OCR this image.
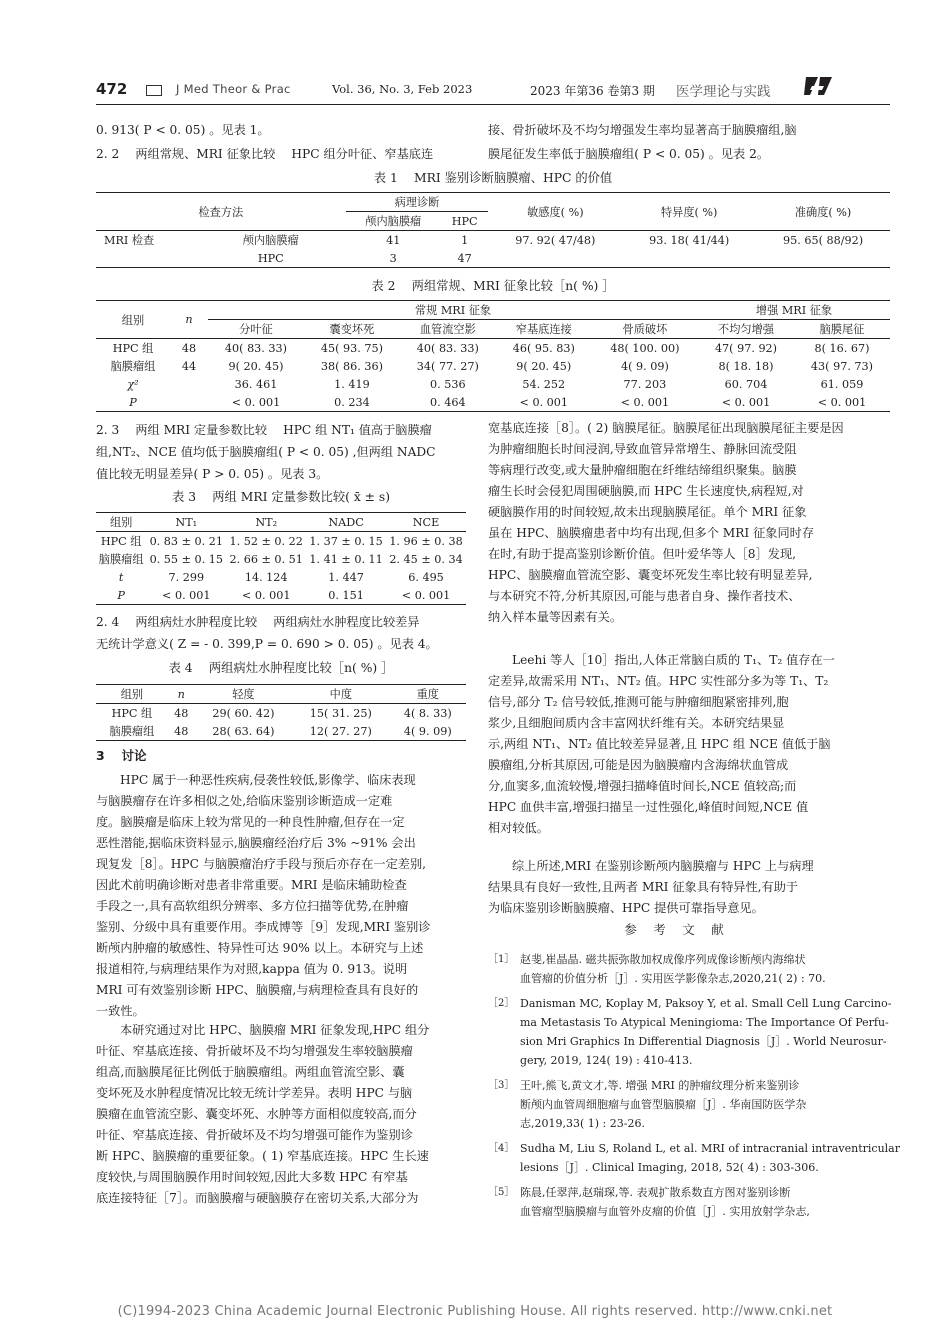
472	J Med Theor & Prac	Vol. 36, No. 3, Feb 2023	2023 年第36 卷第3 期 医学理论与实践
0. 913( P < 0. 05) 。见表 1。
2. 2　 两组常规、MRI 征象比较　 HPC 组分叶征、窄基底连
接、骨折破坏及不均匀增强发生率均显著高于脑膜瘤组,脑
膜尾征发生率低于脑膜瘤组( P < 0. 05) 。见表 2。
表 1　 MRI 鉴别诊断脑膜瘤、HPC 的价值
检查方法		病理诊断		敏感度( %)	特异度( %)	准确度( %)
		颅内脑膜瘤	HPC			
MRI 检查	颅内脑膜瘤	41	1	97. 92( 47/48)	93. 18( 41/44)	95. 65( 88/92)
	HPC	3	47			
表 2　 两组常规、MRI 征象比较［n( %) ］
组别	n	常规 MRI 征象					增强 MRI 征象	
		分叶征	囊变坏死	血管流空影	窄基底连接	骨质破坏	不均匀增强	脑膜尾征
HPC 组	48	40( 83. 33)	45( 93. 75)	40( 83. 33)	46( 95. 83)	48( 100. 00)	47( 97. 92)	8( 16. 67)
脑膜瘤组	44	9( 20. 45)	38( 86. 36)	34( 77. 27)	9( 20. 45)	4( 9. 09)	8( 18. 18)	43( 97. 73)
χ²		36. 461	1. 419	0. 536	54. 252	77. 203	60. 704	61. 059
P		< 0. 001	0. 234	0. 464	< 0. 001	< 0. 001	< 0. 001	< 0. 001
2. 3　 两组 MRI 定量参数比较　 HPC 组 NT₁ 值高于脑膜瘤
组,NT₂、NCE 值均低于脑膜瘤组( P < 0. 05) ,但两组 NADC
值比较无明显差异( P > 0. 05) 。见表 3。
表 3　 两组 MRI 定量参数比较( x̄ ± s)
组别	NT₁	NT₂	NADC	NCE
HPC 组	0. 83 ± 0. 21	1. 52 ± 0. 22	1. 37 ± 0. 15	1. 96 ± 0. 38
脑膜瘤组	0. 55 ± 0. 15	2. 66 ± 0. 51	1. 41 ± 0. 11	2. 45 ± 0. 34
t	7. 299	14. 124	1. 447	6. 495
P	< 0. 001	< 0. 001	0. 151	< 0. 001
2. 4　 两组病灶水肿程度比较　 两组病灶水肿程度比较差异
无统计学意义( Z = - 0. 399,P = 0. 690 > 0. 05) 。见表 4。
表 4　 两组病灶水肿程度比较［n( %) ］
组别	n	轻度	中度	重度
HPC 组	48	29( 60. 42)	15( 31. 25)	4( 8. 33)
脑膜瘤组	48	28( 63. 64)	12( 27. 27)	4( 9. 09)
3　 讨论
HPC 属于一种恶性疾病,侵袭性较低,影像学、临床表现
与脑膜瘤存在许多相似之处,给临床鉴别诊断造成一定难
度。脑膜瘤是临床上较为常见的一种良性肿瘤,但存在一定
恶性潜能,据临床资料显示,脑膜瘤经治疗后 3% ~91% 会出
现复发［8］。HPC 与脑膜瘤治疗手段与预后亦存在一定差别,
因此术前明确诊断对患者非常重要。MRI 是临床辅助检查
手段之一,具有高软组织分辨率、多方位扫描等优势,在肿瘤
鉴别、分级中具有重要作用。李成博等［9］发现,MRI 鉴别诊
断颅内肿瘤的敏感性、特异性可达 90% 以上。本研究与上述
报道相符,与病理结果作为对照,kappa 值为 0. 913。说明
MRI 可有效鉴别诊断 HPC、脑膜瘤,与病理检查具有良好的
一致性。
本研究通过对比 HPC、脑膜瘤 MRI 征象发现,HPC 组分
叶征、窄基底连接、骨折破坏及不均匀增强发生率较脑膜瘤
组高,而脑膜尾征比例低于脑膜瘤组。两组血管流空影、囊
变坏死及水肿程度情况比较无统计学差异。表明 HPC 与脑
膜瘤在血管流空影、囊变坏死、水肿等方面相似度较高,而分
叶征、窄基底连接、骨折破坏及不均匀增强可能作为鉴别诊
断 HPC、脑膜瘤的重要征象。( 1) 窄基底连接。HPC 生长速
度较快,与周围脑膜作用时间较短,因此大多数 HPC 有窄基
底连接特征［7］。而脑膜瘤与硬脑膜存在密切关系,大部分为
宽基底连接［8］。( 2) 脑膜尾征。脑膜尾征出现脑膜尾征主要是因
为肿瘤细胞长时间浸润,导致血管异常增生、静脉回流受阻
等病理行改变,或大量肿瘤细胞在纤维结缔组织聚集。脑膜
瘤生长时会侵犯周围硬脑膜,而 HPC 生长速度快,病程短,对
硬脑膜作用的时间较短,故未出现脑膜尾征。单个 MRI 征象
虽在 HPC、脑膜瘤患者中均有出现,但多个 MRI 征象同时存
在时,有助于提高鉴别诊断价值。但叶爱华等人［8］发现,
HPC、脑膜瘤血管流空影、囊变坏死发生率比较有明显差异,
与本研究不符,分析其原因,可能与患者自身、操作者技术、
纳入样本量等因素有关。
Leehi 等人［10］指出,人体正常脑白质的 T₁、T₂ 值存在一
定差异,故需采用 NT₁、NT₂ 值。HPC 实性部分多为等 T₁、T₂
信号,部分 T₂ 信号较低,推测可能与肿瘤细胞紧密排列,胞
浆少,且细胞间质内含丰富网状纤维有关。本研究结果显
示,两组 NT₁、NT₂ 值比较差异显著,且 HPC 组 NCE 值低于脑
膜瘤组,分析其原因,可能是因为脑膜瘤内含海绵状血管成
分,血窦多,血流较慢,增强扫描峰值时间长,NCE 值较高;而
HPC 血供丰富,增强扫描呈一过性强化,峰值时间短,NCE 值
相对较低。
综上所述,MRI 在鉴别诊断颅内脑膜瘤与 HPC 上与病理
结果具有良好一致性,且两者 MRI 征象具有特异性,有助于
为临床鉴别诊断脑膜瘤、HPC 提供可靠指导意见。
参　 考　 文　 献
［1］ 赵斐,崔晶晶. 磁共振弥散加权成像序列成像诊断颅内海绵状
血管瘤的价值分析［J］. 实用医学影像杂志,2020,21( 2) : 70.
［2］ Danisman MC, Koplay M, Paksoy Y, et al. Small Cell Lung Carcino-
ma Metastasis To Atypical Meningioma: The Importance Of Perfu-
sion Mri Graphics In Differential Diagnosis［J］. World Neurosur-
gery, 2019, 124( 19) : 410-413.
［3］ 王叶,熊飞,黄文才,等. 增强 MRI 的肿瘤纹理分析来鉴别诊
断颅内血管周细胞瘤与血管型脑膜瘤［J］. 华南国防医学杂
志,2019,33( 1) : 23-26.
［4］ Sudha M, Liu S, Roland L, et al. MRI of intracranial intraventricular
lesions［J］. Clinical Imaging, 2018, 52( 4) : 303-306.
［5］ 陈晨,任翠萍,赵瑞琛,等. 表观扩散系数直方图对鉴别诊断
血管瘤型脑膜瘤与血管外皮瘤的价值［J］. 实用放射学杂志,
(C)1994-2023 China Academic Journal Electronic Publishing House. All rights reserved. http://www.cnki.net
